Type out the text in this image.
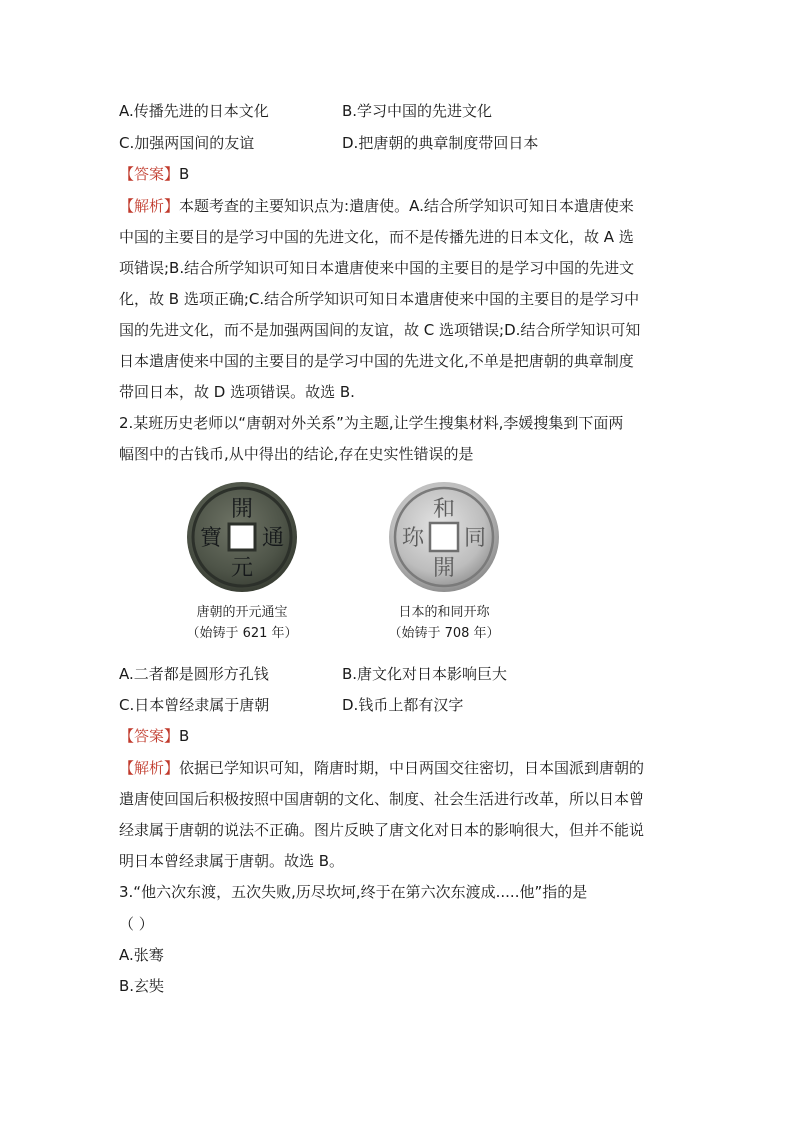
A.传播先进的日本文化	B.学习中国的先进文化
C.加强两国间的友谊	D.把唐朝的典章制度带回日本
【答案】B
【解析】本题考查的主要知识点为:遣唐使。A.结合所学知识可知日本遣唐使来
中国的主要目的是学习中国的先进文化，而不是传播先进的日本文化，故 A 选
项错误;B.结合所学知识可知日本遣唐使来中国的主要目的是学习中国的先进文
化，故 B 选项正确;C.结合所学知识可知日本遣唐使来中国的主要目的是学习中
国的先进文化，而不是加强两国间的友谊，故 C 选项错误;D.结合所学知识可知
日本遣唐使来中国的主要目的是学习中国的先进文化,不单是把唐朝的典章制度
带回日本，故 D 选项错误。故选 B.
2.某班历史老师以“唐朝对外关系”为主题,让学生搜集材料,李媛搜集到下面两
幅图中的古钱币,从中得出的结论,存在史实性错误的是
開
元
通
寶
唐朝的开元通宝
（始铸于 621 年）
和
同
開
珎
日本的和同开珎
（始铸于 708 年）
A.二者都是圆形方孔钱	B.唐文化对日本影响巨大
C.日本曾经隶属于唐朝	D.钱币上都有汉字
【答案】B
【解析】依据已学知识可知，隋唐时期，中日两国交往密切，日本国派到唐朝的
遣唐使回国后积极按照中国唐朝的文化、制度、社会生活进行改革，所以日本曾
经隶属于唐朝的说法不正确。图片反映了唐文化对日本的影响很大，但并不能说
明日本曾经隶属于唐朝。故选 B。
3.“他六次东渡，五次失败,历尽坎坷,终于在第六次东渡成.....他”指的是
（ ）
A.张骞
B.玄奘
